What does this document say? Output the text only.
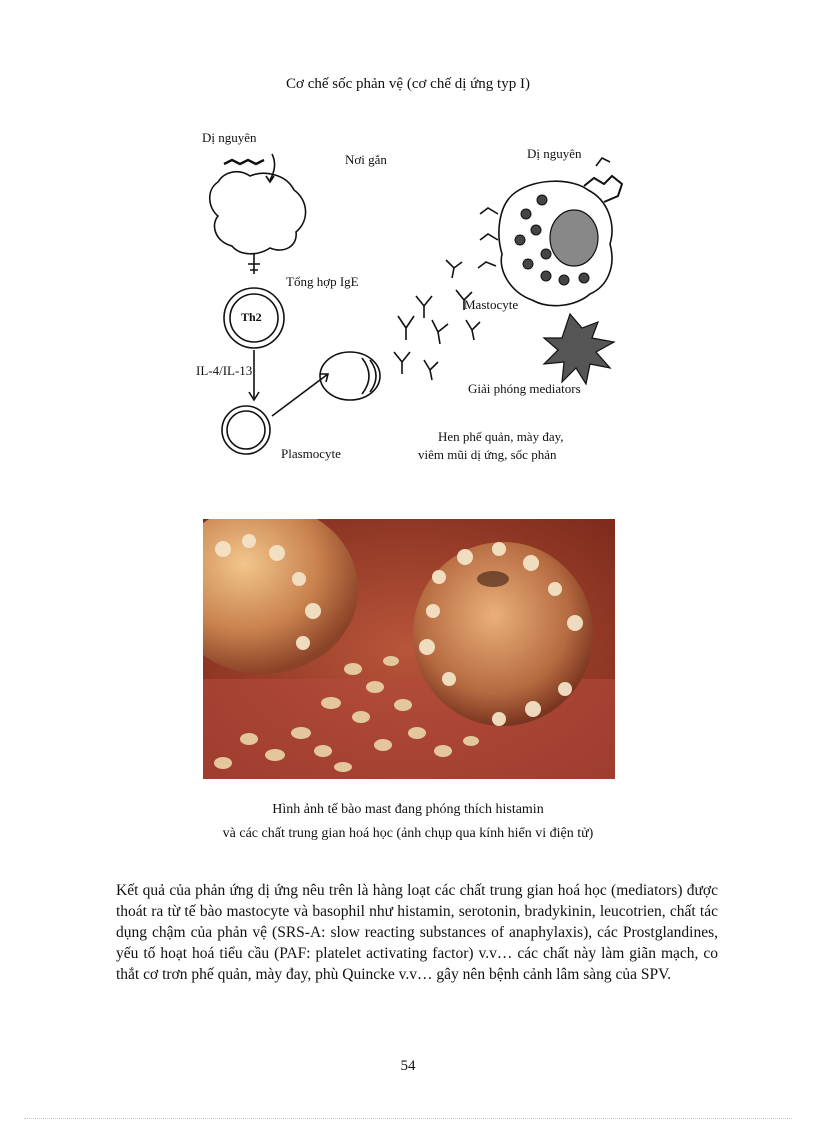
Cơ chế sốc phản vệ (cơ chế dị ứng typ I)
Dị nguyên
Nơi gắn	Dị nguyên
Tổng hợp IgE
Th2
Mastocyte
IL-4/IL-13
Giải phóng mediators
Plasmocyte
Hen phế quản, mày đay,
viêm mũi dị ứng, sốc phản
Hình ảnh tế bào mast đang phóng thích histamin
và các chất trung gian hoá học (ảnh chụp qua kính hiển vi điện tử)
Kết quả của phản ứng dị ứng nêu trên là hàng loạt các chất trung gian hoá học (mediators) được thoát ra từ tế bào mastocyte và basophil như histamin, serotonin, bradykinin, leucotrien, chất tác dụng chậm của phản vệ (SRS-A: slow reacting substances of anaphylaxis), các Prostglandines, yếu tố hoạt hoá tiểu cầu (PAF: platelet activating factor) v.v… các chất này làm giãn mạch, co thắt cơ trơn phế quản, mày đay, phù Quincke v.v… gây nên bệnh cảnh lâm sàng của SPV.
54
